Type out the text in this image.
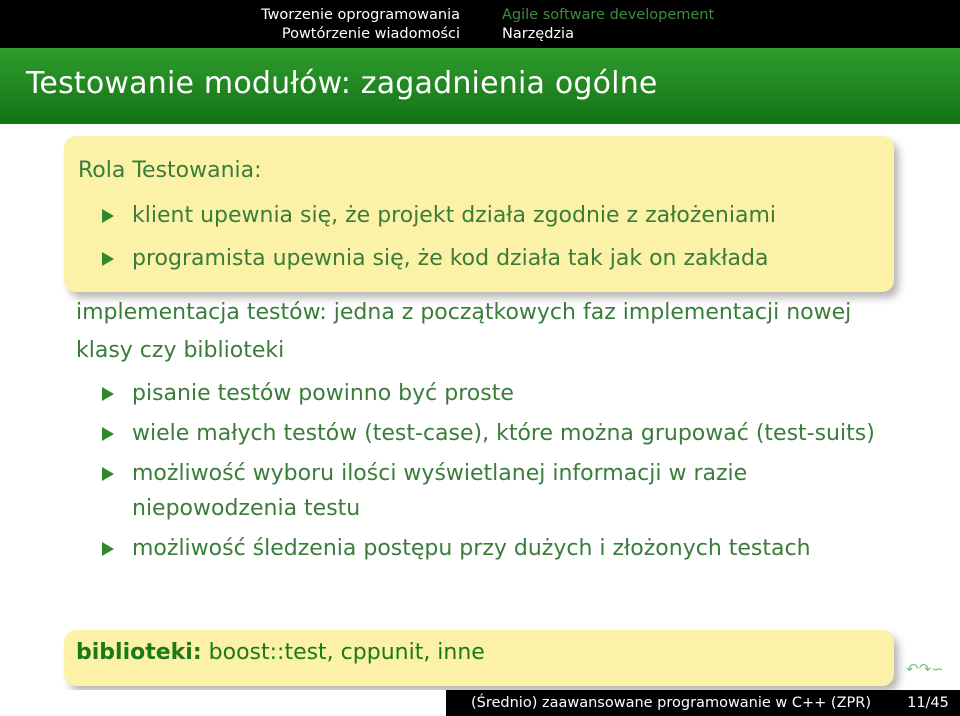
Tworzenie oprogramowania
Powtórzenie wiadomości
Agile software developement
Narzędzia
Testowanie modułów: zagadnienia ogólne
Rola Testowania:
klient upewnia się, że projekt działa zgodnie z założeniami
programista upewnia się, że kod działa tak jak on zakłada
implementacja testów: jedna z początkowych faz implementacji nowej klasy czy biblioteki
pisanie testów powinno być proste
wiele małych testów (test-case), które można grupować (test-suits)
możliwość wyboru ilości wyświetlanej informacji w razie niepowodzenia testu
możliwość śledzenia postępu przy dużych i złożonych testach
biblioteki: boost::test, cppunit, inne
↶↷∽
(Średnio) zaawansowane programowanie w C++ (ZPR)	11/45
